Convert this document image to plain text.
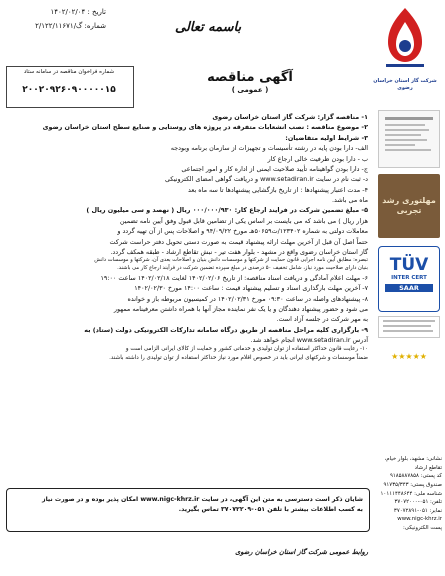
تاریخ : ۱۴۰۲/۰۲/۰۴
شماره: گ/۲/۱۲۲/۱۱۶۷۱	باسمه تعالی
شرکت گاز استان خراسان رضوی
شماره فراخوان مناقصه در سامانه ستاد
۲۰۰۲۰۹۲۶۰۹۰۰۰۰۰۱۵
آگهی مناقصه
( عمومی )

۱- مناقصه گزار: شرکت گاز استان خراسان رضوی

۲- موضوع مناقصه : نصب انشعابات متفرقه در پروژه های روستایی و صنایع سطح استان خراسان رضوی

۳- شرایط اولیه متقاضیان:

الف- دارا بودن پایه در رشته تأسیسات و تجهیزات از سازمان برنامه وبودجه

ب - دارا بودن ظرفیت خالی ارجاع کار

ج- دارا بودن گواهینامه تأیید صلاحیت ایمنی از اداره کار و امور اجتماعی

د- ثبت نام در سایت www.setadiran.ir و دریافت گواهی امضای الکترونیکی

۴- مدت اعتبار پیشنهادها : از تاریخ بازگشایی پیشنهادها تا سه ماه بعد

ماه می باشد.

۵- مبلغ تضمین شرکت در فرایند ارجاع کار: ۰۰۰/۰۰۰/۹۳۰ ریال ( نهصد و سی میلیون ریال )

هزار ریال ) می باشد که می بایست بر اساس یکی از تضامین قابل قبول وفق آیین نامه تضمین

معاملات دولتی به شماره ۱۲۳۴۰۲/ت۵۰۶۵۹هـ مورخ ۹۴/۰۹/۲۲ و اصلاحات پس از آن تهیه گردد و

حتماً اصل آن قبل از آخرین مهلت ارائه پیشنهاد قیمت به صورت دستی تحویل دفتر حراست شرکت

گاز استان خراسان رضوی واقع در مشهد - بلوار هفت تیر - نبش تقاطع ارشاد - طبقه همکف گردد.

تبصره: مطابق آیین نامه اجرایی قانون حمایت از شرکتها و موسسات دانش بنیان و اصلاحات بعدی آن، شرکتها و موسسات دانش

بنیان دارای صلاحیت مورد نیاز، شامل تخفیف ۵۰ درصدی در مبلغ سپرده تضمین شرکت در فرآیند ارجاع کار می باشند.

۶- مهلت اعلام آمادگی و دریافت اسناد مناقصه: از تاریخ ۱۴۰۲/۰۲/۰۶ لغایت ۱۴۰۲/۰۲/۱۸ ساعت ۱۹:۰۰

۷- آخرین مهلت بارگذاری اسناد و تسلیم پیشنهاد قیمت : ساعت ۱۴:۰۰ مورخ ۱۴۰۲/۰۲/۳۰

۸- پیشنهادهای واصله در ساعت ۰۹:۳۰ مورخ ۱۴۰۲/۰۲/۳۱ در کمیسیون مربوطه باز و خوانده

می شود و حضور پیشنهاد دهندگان و یا یک نفر نماینده مجاز آنها با همراه داشتن معرفینامه ممهور

به مهر شرکت در جلسه آزاد است.

۹- بارگزاری کلیه مراحل مناقصه از طریق درگاه سامانه تدارکات الکترونیکی دولت (ستاد) به

آدرس www.setadiran.ir انجام خواهد شد.

۱۰- رعایت قانون حداکثر استفاده از توان تولیدی و خدماتی کشور و حمایت از کالای ایرانی الزامی است و

ضمناً موسسات و شرکتهای ایرانی باید در خصوص اقلام مورد نیاز حداکثر استفاده از توان تولیدی را داشته باشند.

شایان ذکر است دسترسی به متن این آگهی، در سایت www.nigc-khrz.ir امکان پذیر بوده و در صورت نیاز

به کسب اطلاعات بیشتر با تلفن ۰۵۱-۳۷۰۷۲۲۰۹ تماس بگیرید.

روابط عمومی شرکت گاز استان خراسان رضوی
مهلتوری رشد تجربی
TÜV
INTER CERT
SAAR
★★★★★
نشانی: مشهد، بلوار خیام، تقاطع ارشاد
کد پستی: ۹۱۸۵۸۸۷۸۵۸
صندوق پستی: ۹۱۷۳۵/۳۴۳
شناسه ملی: ۱۰۱۱۱۴۴۸۶۴۴
تلفن: ۰۵۱-۳۷۰۷۲۰۰۰
نمابر: ۰۵۱-۳۷۰۷۲۸۹۱
www.nigc-khrz.ir
پست الکترونیکی:
